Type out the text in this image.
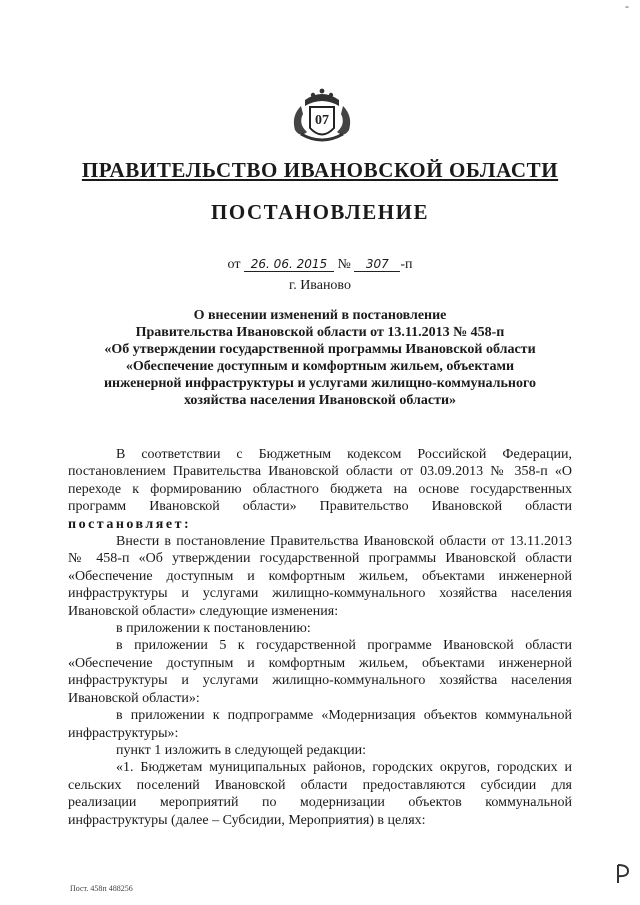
-
07
ПРАВИТЕЛЬСТВО ИВАНОВСКОЙ ОБЛАСТИ
ПОСТАНОВЛЕНИЕ
от 26. 06. 2015 № 307 -п
г. Иваново
О внесении изменений в постановление
Правительства Ивановской области от 13.11.2013 № 458-п
«Об утверждении государственной программы Ивановской области
«Обеспечение доступным и комфортным жильем, объектами
инженерной инфраструктуры и услугами жилищно-коммунального
хозяйства населения Ивановской области»

В соответствии с Бюджетным кодексом Российской Федерации, постановлением Правительства Ивановской области от 03.09.2013 № 358-п «О переходе к формированию областного бюджета на основе государственных программ Ивановской области» Правительство Ивановской области постановляет:

Внести в постановление Правительства Ивановской области от 13.11.2013 № 458-п «Об утверждении государственной программы Ивановской области «Обеспечение доступным и комфортным жильем, объектами инженерной инфраструктуры и услугами жилищно-коммунального хозяйства населения Ивановской области» следующие изменения:

в приложении к постановлению:

в приложении 5 к государственной программе Ивановской области «Обеспечение доступным и комфортным жильем, объектами инженерной инфраструктуры и услугами жилищно-коммунального хозяйства населения Ивановской области»:

в приложении к подпрограмме «Модернизация объектов коммунальной инфраструктуры»:

пункт 1 изложить в следующей редакции:

«1. Бюджетам муниципальных районов, городских округов, городских и сельских поселений Ивановской области предоставляются субсидии для реализации мероприятий по модернизации объектов коммунальной инфраструктуры (далее – Субсидии, Мероприятия) в целях:

Пост. 458п 488256
